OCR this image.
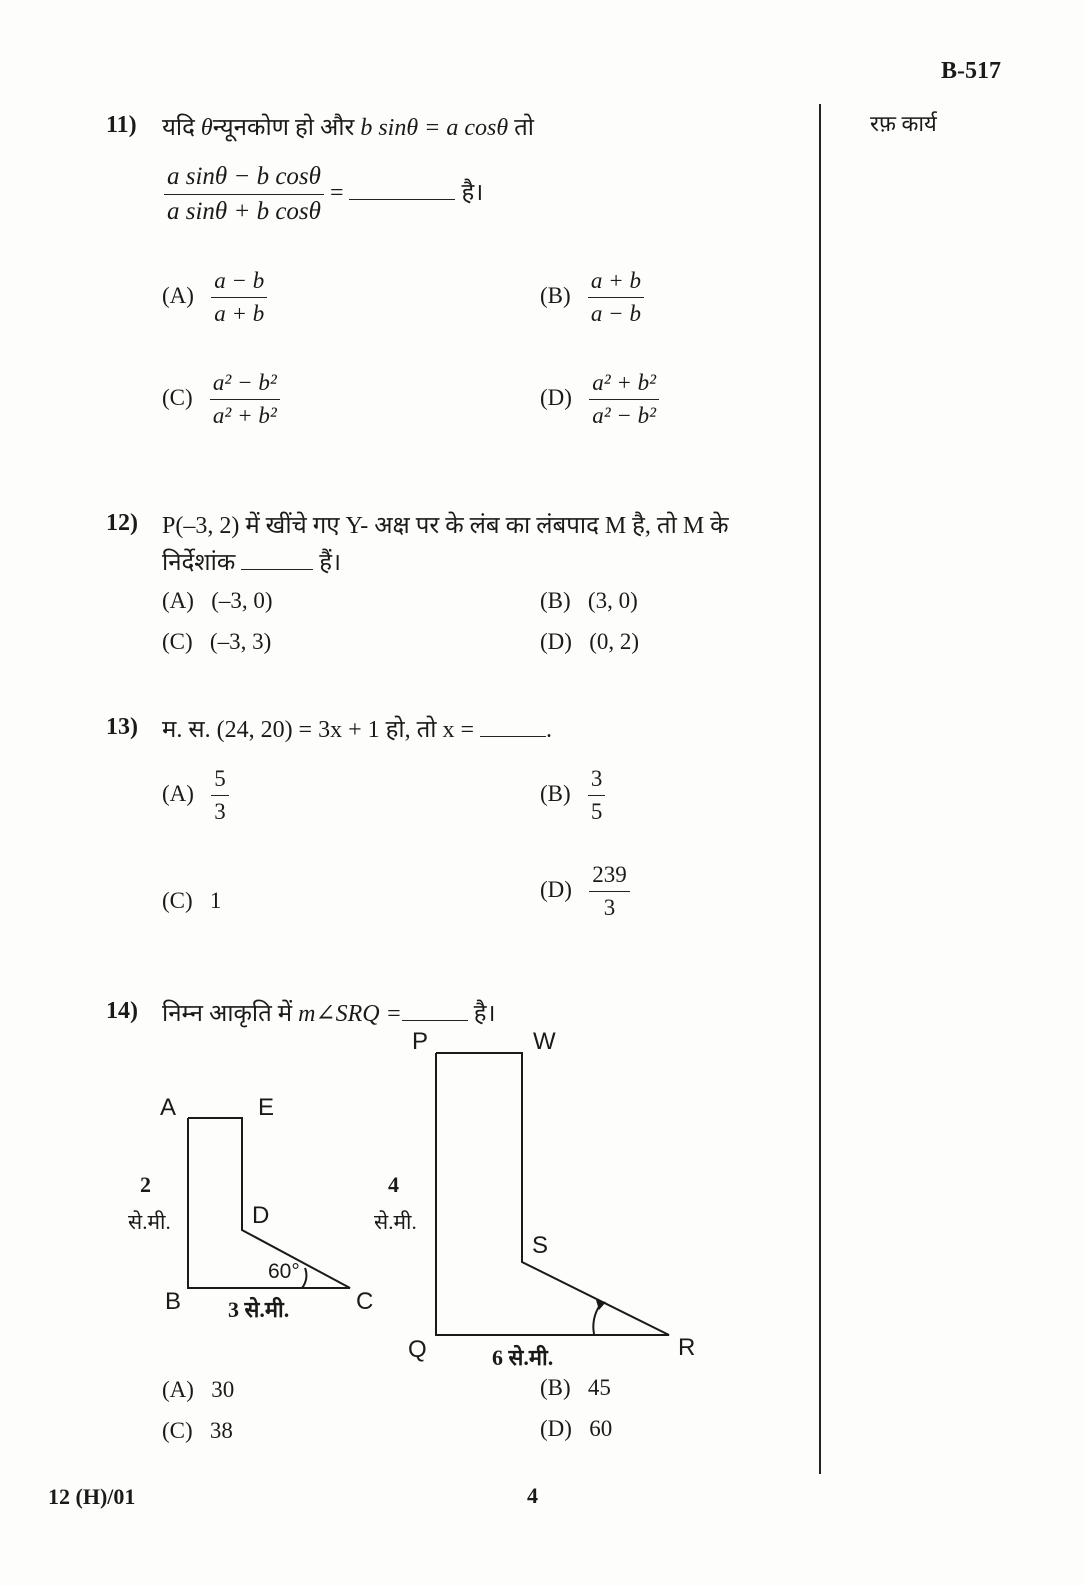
B-517
रफ़ कार्य
11) यदि θन्यूनकोण हो और b sinθ = a cosθ तो
$\frac{\text{a sinθ − b cosθ}}{\text{a sinθ + b cosθ}}$ =	है।
$(A) \frac{a - b}{a + b}$	$(B) \frac{a + b}{a - b}$
$(C) \frac{\text{a² − b²}}{\text{a² + b²}}$	$(D) \frac{\text{a² + b²}}{\text{a² − b²}}$
12) P(–3, 2) में खींचे गए Y- अक्ष पर के लंब का लंबपाद M है, तो M के
निर्देशांक	हैं।
(A) (–3, 0)	(B) (3, 0)
(C) (–3, 3)	(D) (0, 2)
13) म. स. (24, 20) = 3x + 1 हो, तो x =	.
$(A) \frac{5}{3}$	$(B) \frac{3}{5}$
(C) 1	$(D) \frac{239}{3}$
14) निम्न आकृति में m∠SRQ =	है।
A	E
D
B	C
2
से.मी.
3 से.मी.
60°
P	W
S
Q	R
4
से.मी.
6 से.मी.
(A) 30	(B) 45
(C) 38	(D) 60
12 (H)/01	4
